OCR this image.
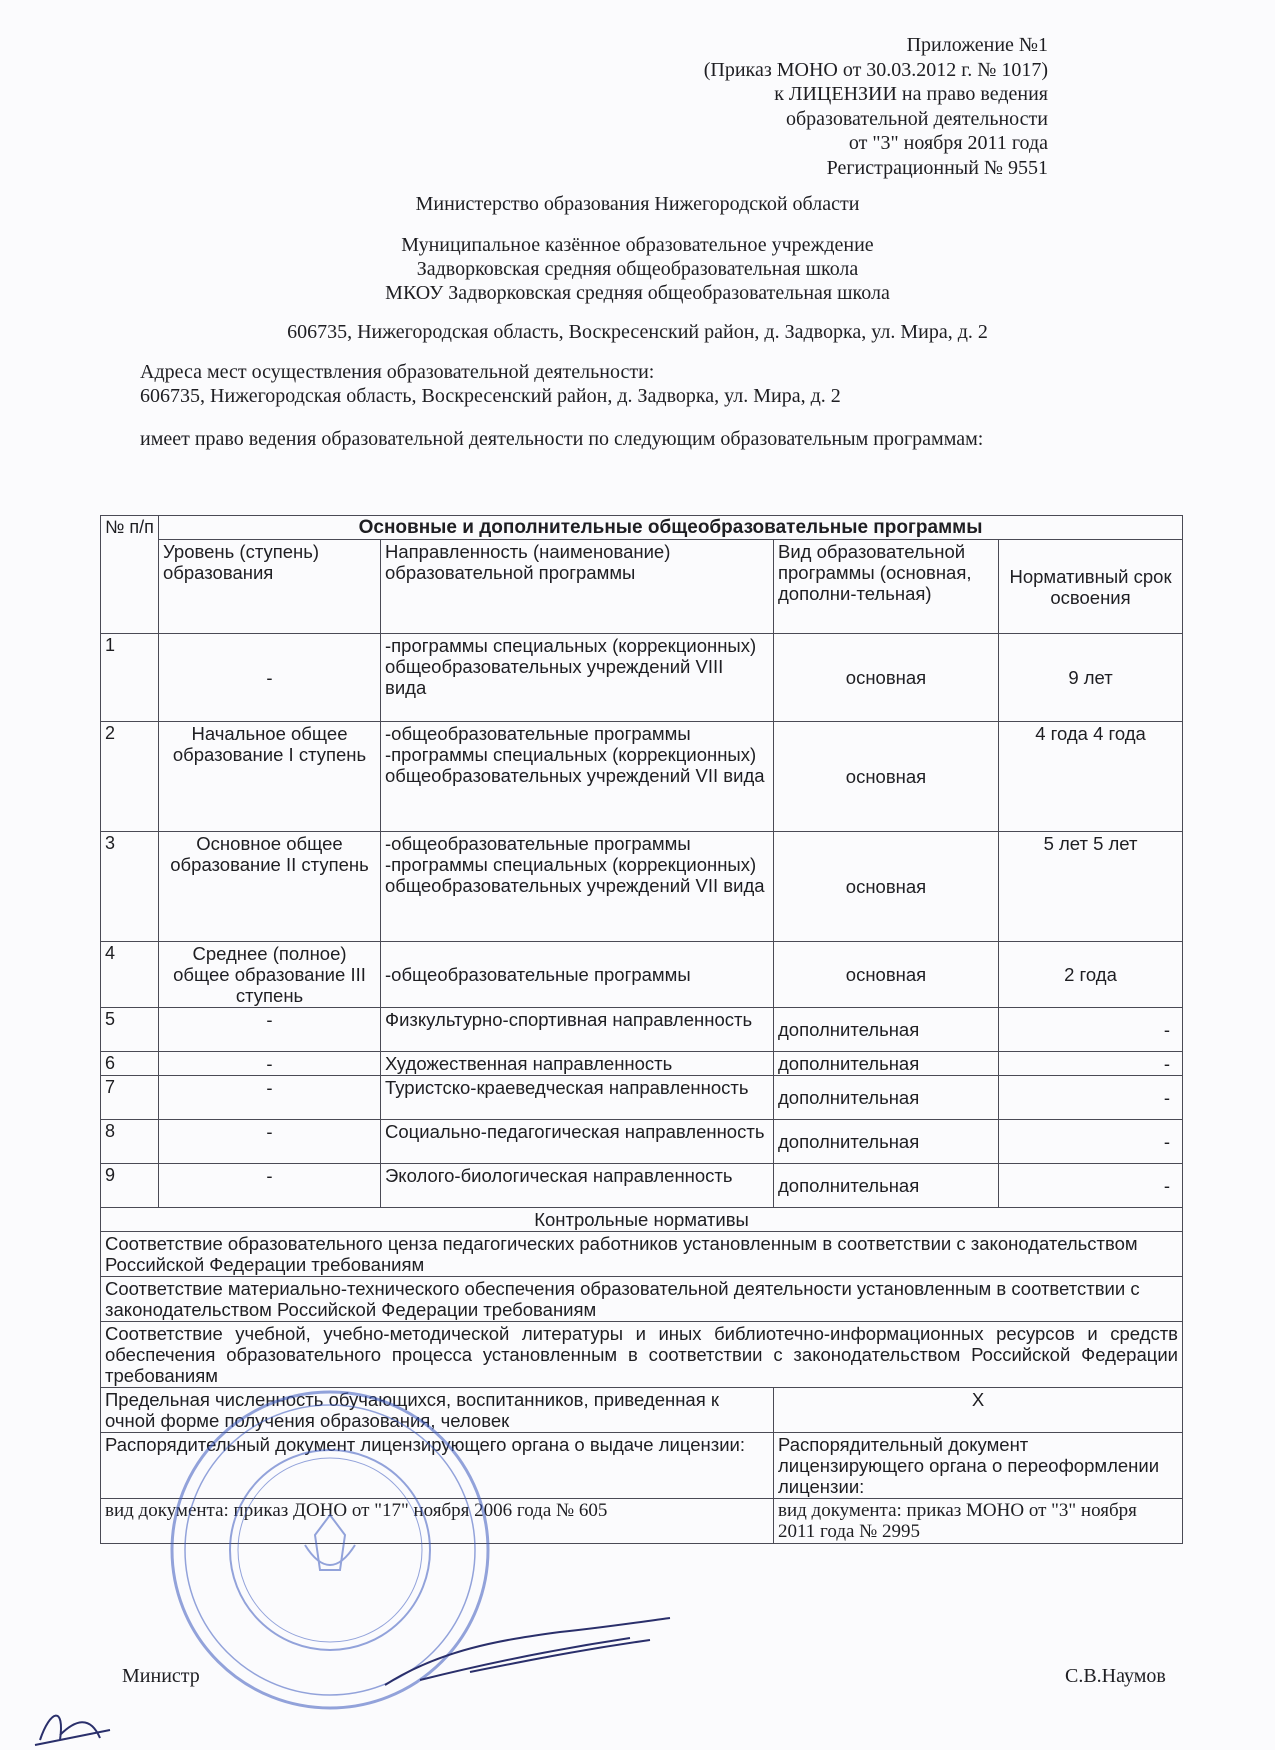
Приложение №1
(Приказ МОНО от 30.03.2012 г. № 1017)
к ЛИЦЕНЗИИ на право ведения
образовательной деятельности
от "3" ноября 2011 года
Регистрационный № 9551
Министерство образования Нижегородской области
Муниципальное казённое образовательное учреждение
Задворковская средняя общеобразовательная школа
МКОУ Задворковская средняя общеобразовательная школа
606735, Нижегородская область, Воскресенский район, д. Задворка, ул. Мира, д. 2
Адреса мест осуществления образовательной деятельности:
606735, Нижегородская область, Воскресенский район, д. Задворка, ул. Мира, д. 2
имеет право ведения образовательной деятельности по следующим образовательным программам:
№ п/п	Основные и дополнительные общеобразовательные программы			
	Уровень (ступень) образования	Направленность (наименование) образовательной программы	Вид образовательной программы (основная, дополни-тельная)	Нормативный срок освоения
1	-	-программы специальных (коррекционных) общеобразовательных учреждений VIII вида	основная	9 лет
2	Начальное общее образование I ступень	-общеобразовательные программы -программы специальных (коррекционных) общеобразовательных учреждений VII вида	основная	4 года 4 года
3	Основное общее образование II ступень	-общеобразовательные программы -программы специальных (коррекционных) общеобразовательных учреждений VII вида	основная	5 лет 5 лет
4	Среднее (полное) общее образование III ступень	-общеобразовательные программы	основная	2 года
5	-	Физкультурно-спортивная направленность	дополнительная	-
6	-	Художественная направленность	дополнительная	-
7	-	Туристско-краеведческая направленность	дополнительная	-
8	-	Социально-педагогическая направленность	дополнительная	-
9	-	Эколого-биологическая направленность	дополнительная	-
Контрольные нормативы				
Соответствие образовательного ценза педагогических работников установленным в соответствии с законодательством Российской Федерации требованиям				
Соответствие материально-технического обеспечения образовательной деятельности установленным в соответствии с законодательством Российской Федерации требованиям				
Соответствие учебной, учебно-методической литературы и иных библиотечно-информационных ресурсов и средств обеспечения образовательного процесса установленным в соответствии с законодательством Российской Федерации требованиям				
Предельная численность обучающихся, воспитанников, приведенная к очной форме получения образования, человек			Х	
Распорядительный документ лицензирующего органа о выдаче лицензии:			Распорядительный документ лицензирующего органа о переоформлении лицензии:	
вид документа: приказ ДОНО от "17" ноября 2006 года № 605			вид документа: приказ МОНО от "3" ноября 2011 года № 2995	
Министр	С.В.Наумов
